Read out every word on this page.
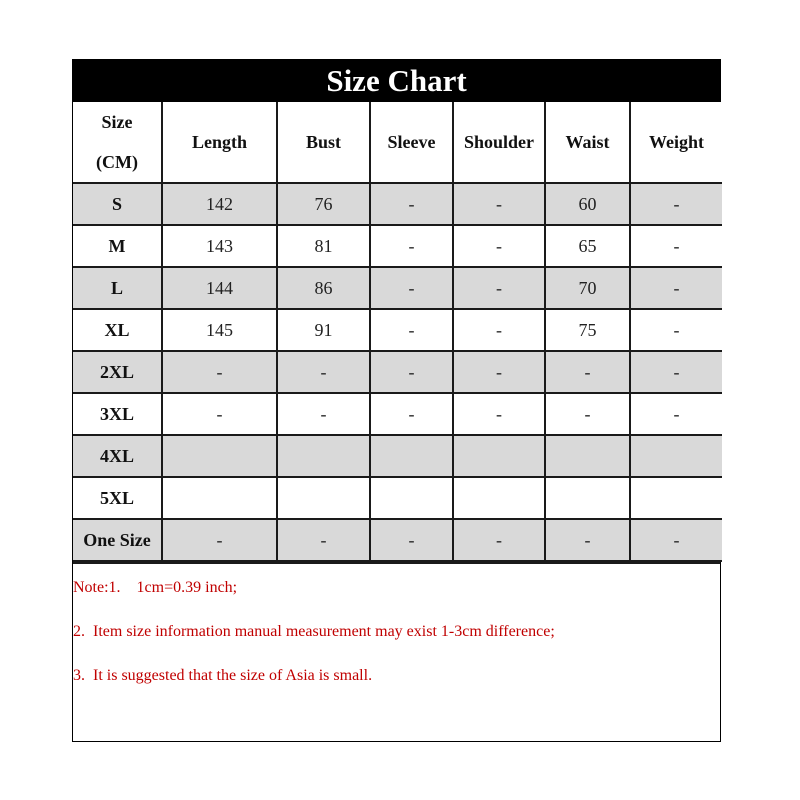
Size Chart
Size
(CM)	Length	Bust	Sleeve	Shoulder	Waist	Weight
S	142	76	-	-	60	-
M	143	81	-	-	65	-
L	144	86	-	-	70	-
XL	145	91	-	-	75	-
2XL	-	-	-	-	-	-
3XL	-	-	-	-	-	-
4XL						
5XL						
One Size	-	-	-	-	-	-
Note:1.    1cm=0.39 inch;
2.  Item size information manual measurement may exist 1-3cm difference;
3.  It is suggested that the size of Asia is small.
